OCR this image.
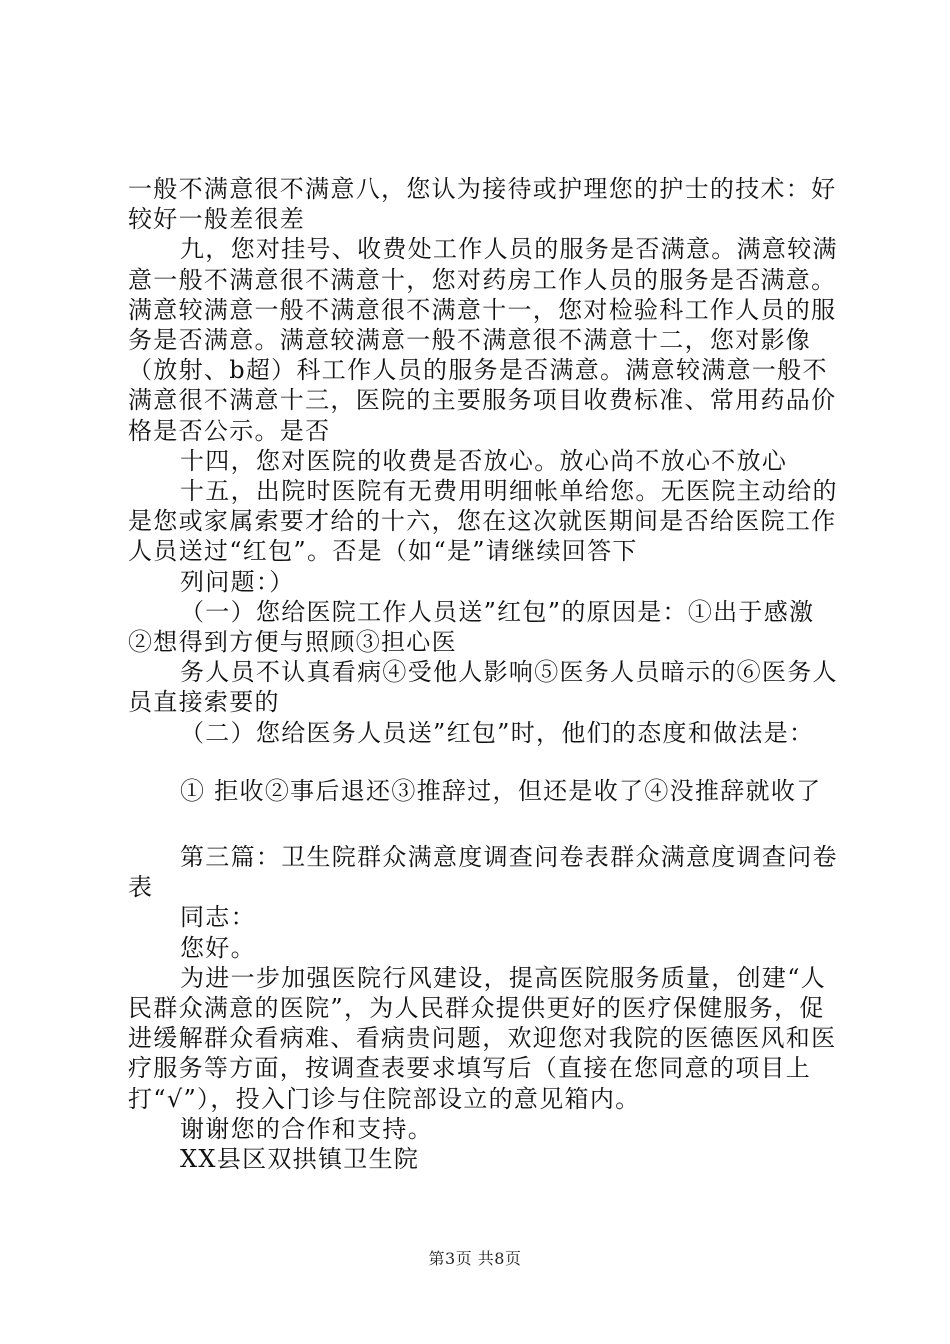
一般不满意很不满意八，您认为接待或护理您的护士的技术：好较好一般差很差

九，您对挂号、收费处工作人员的服务是否满意。满意较满意一般不满意很不满意十，您对药房工作人员的服务是否满意。满意较满意一般不满意很不满意十一，您对检验科工作人员的服务是否满意。满意较满意一般不满意很不满意十二，您对影像（放射、b超）科工作人员的服务是否满意。满意较满意一般不满意很不满意十三，医院的主要服务项目收费标准、常用药品价格是否公示。是否

十四，您对医院的收费是否放心。放心尚不放心不放心

十五，出院时医院有无费用明细帐单给您。无医院主动给的是您或家属索要才给的十六，您在这次就医期间是否给医院工作人员送过“红包”。否是（如“是”请继续回答下

列问题：）

（一）您给医院工作人员送”红包”的原因是：①出于感激②想得到方便与照顾③担心医

务人员不认真看病④受他人影响⑤医务人员暗示的⑥医务人员直接索要的

（二）您给医务人员送”红包”时，他们的态度和做法是：

① 拒收②事后退还③推辞过，但还是收了④没推辞就收了

第三篇：卫生院群众满意度调查问卷表群众满意度调查问卷表

同志：

您好。

为进一步加强医院行风建设，提高医院服务质量，创建“人民群众满意的医院”，为人民群众提供更好的医疗保健服务，促进缓解群众看病难、看病贵问题，欢迎您对我院的医德医风和医疗服务等方面，按调查表要求填写后（直接在您同意的项目上打“√”），投入门诊与住院部设立的意见箱内。

谢谢您的合作和支持。

XX县区双拱镇卫生院

第3页 共8页
